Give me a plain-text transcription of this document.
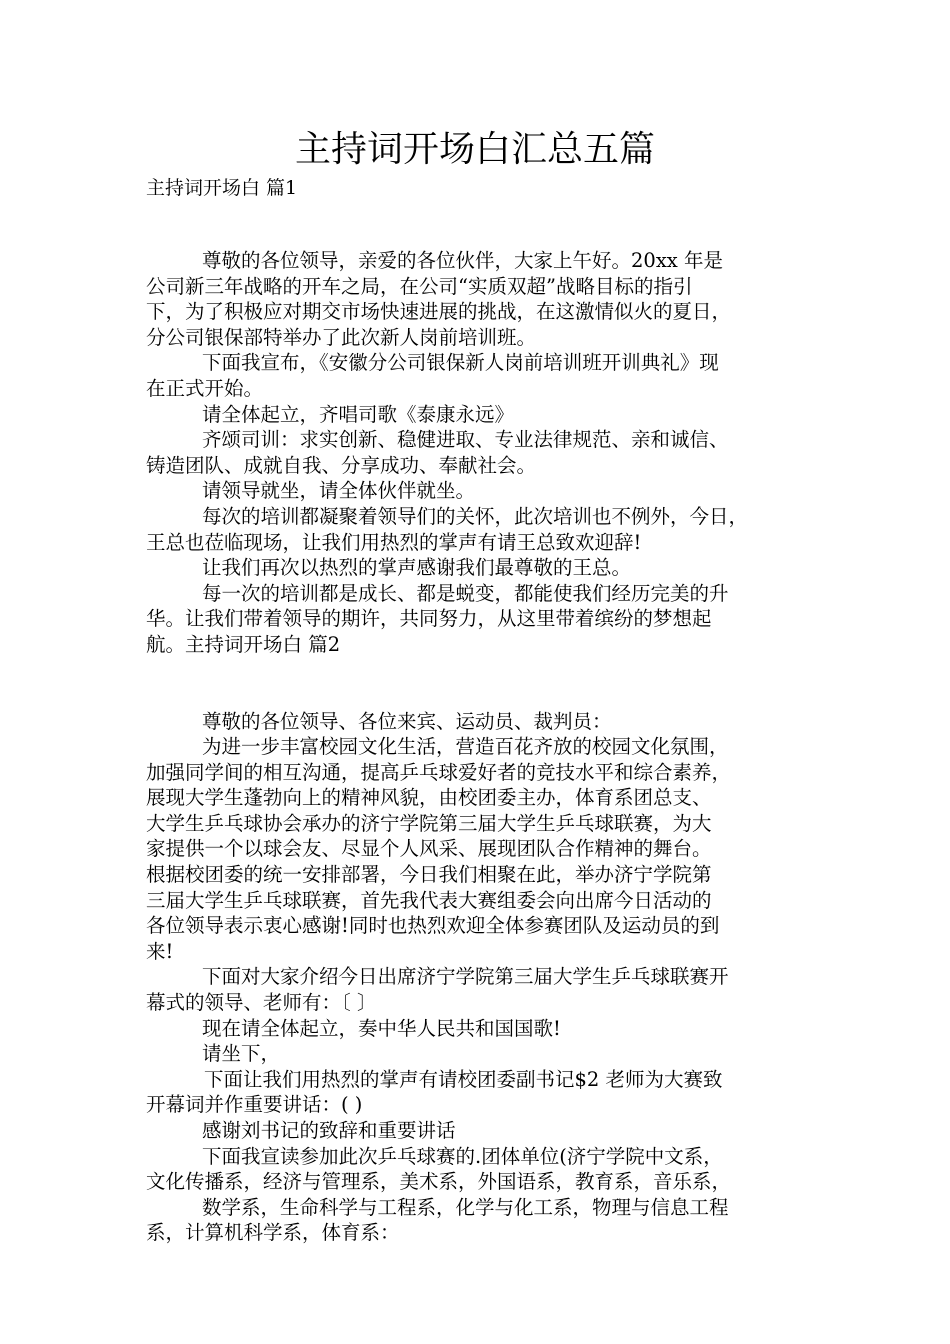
主持词开场白汇总五篇
主持词开场白 篇1
尊敬的各位领导，亲爱的各位伙伴，大家上午好。20xx 年是
公司新三年战略的开车之局，在公司“实质双超”战略目标的指引
下，为了积极应对期交市场快速进展的挑战，在这激情似火的夏日，
分公司银保部特举办了此次新人岗前培训班。
下面我宣布，《安徽分公司银保新人岗前培训班开训典礼》现
在正式开始。
请全体起立，齐唱司歌《泰康永远》
齐颂司训：求实创新、稳健进取、专业法律规范、亲和诚信、
铸造团队、成就自我、分享成功、奉献社会。
请领导就坐，请全体伙伴就坐。
每次的培训都凝聚着领导们的关怀，此次培训也不例外，今日，
王总也莅临现场，让我们用热烈的掌声有请王总致欢迎辞!
让我们再次以热烈的掌声感谢我们最尊敬的王总。
每一次的培训都是成长、都是蜕变，都能使我们经历完美的升
华。让我们带着领导的期许，共同努力，从这里带着缤纷的梦想起
航。主持词开场白 篇2
尊敬的各位领导、各位来宾、运动员、裁判员：
为进一步丰富校园文化生活，营造百花齐放的校园文化氛围，
加强同学间的相互沟通，提高乒乓球爱好者的竞技水平和综合素养，
展现大学生蓬勃向上的精神风貌，由校团委主办，体育系团总支、
大学生乒乓球协会承办的济宁学院第三届大学生乒乓球联赛，为大
家提供一个以球会友、尽显个人风采、展现团队合作精神的舞台。
根据校团委的统一安排部署，今日我们相聚在此，举办济宁学院第
三届大学生乒乓球联赛，首先我代表大赛组委会向出席今日活动的
各位领导表示衷心感谢!同时也热烈欢迎全体参赛团队及运动员的到
来!
下面对大家介绍今日出席济宁学院第三届大学生乒乓球联赛开
幕式的领导、老师有：〔 〕
现在请全体起立，奏中华人民共和国国歌!
请坐下，
下面让我们用热烈的掌声有请校团委副书记$2 老师为大赛致
开幕词并作重要讲话：( )
感谢刘书记的致辞和重要讲话
下面我宣读参加此次乒乓球赛的.团体单位(济宁学院中文系，
文化传播系，经济与管理系，美术系，外国语系，教育系，音乐系，
数学系，生命科学与工程系，化学与化工系，物理与信息工程
系，计算机科学系，体育系：
